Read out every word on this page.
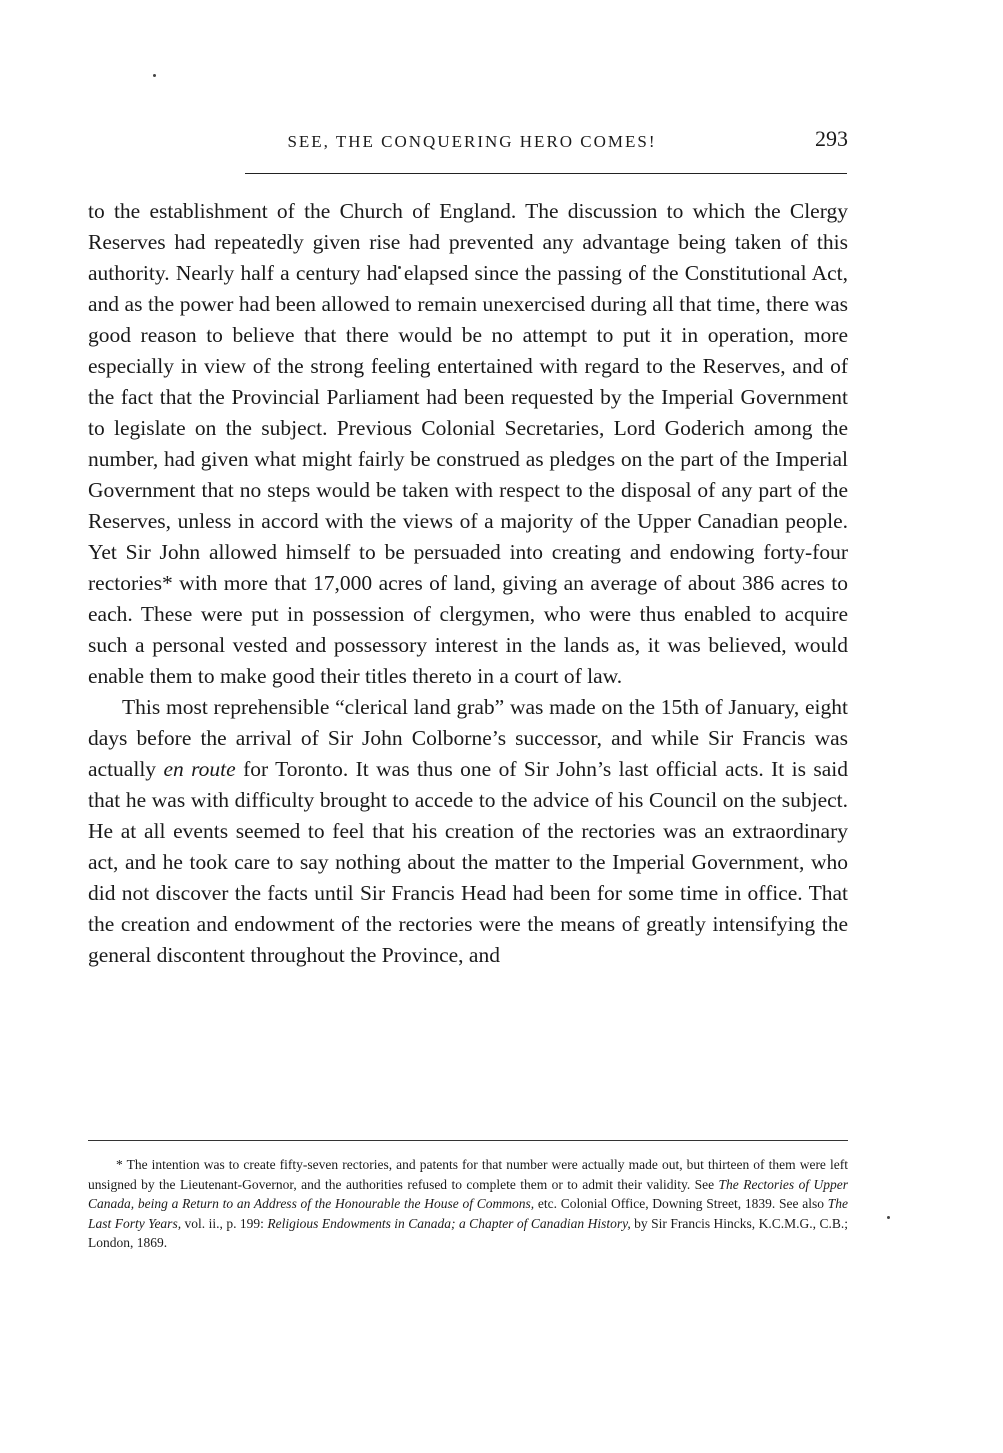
SEE, THE CONQUERING HERO COMES!	293

to the establishment of the Church of England. The discussion to which the Clergy Reserves had repeatedly given rise had prevented any advantage being taken of this authority. Nearly half a century had elapsed since the passing of the Constitutional Act, and as the power had been allowed to remain unexercised during all that time, there was good reason to believe that there would be no attempt to put it in operation, more especially in view of the strong feeling entertained with regard to the Reserves, and of the fact that the Provincial Parliament had been requested by the Imperial Government to legislate on the subject. Previous Colonial Secretaries, Lord Goderich among the number, had given what might fairly be construed as pledges on the part of the Imperial Government that no steps would be taken with respect to the disposal of any part of the Reserves, unless in accord with the views of a majority of the Upper Canadian people. Yet Sir John allowed himself to be persuaded into creating and endowing forty-four rectories* with more that 17,000 acres of land, giving an average of about 386 acres to each. These were put in possession of clergymen, who were thus enabled to acquire such a personal vested and possessory interest in the lands as, it was believed, would enable them to make good their titles thereto in a court of law.

This most reprehensible “clerical land grab” was made on the 15th of January, eight days before the arrival of Sir John Colborne’s successor, and while Sir Francis was actually en route for Toronto. It was thus one of Sir John’s last official acts. It is said that he was with difficulty brought to accede to the advice of his Council on the subject. He at all events seemed to feel that his creation of the rectories was an extraordinary act, and he took care to say nothing about the matter to the Imperial Government, who did not discover the facts until Sir Francis Head had been for some time in office. That the creation and endowment of the rectories were the means of greatly intensifying the general discontent throughout the Province, and

* The intention was to create fifty-seven rectories, and patents for that number were actually made out, but thirteen of them were left unsigned by the Lieutenant-Governor, and the authorities refused to complete them or to admit their validity. See The Rectories of Upper Canada, being a Return to an Address of the Honourable the House of Commons, etc. Colonial Office, Downing Street, 1839. See also The Last Forty Years, vol. ii., p. 199: Religious Endowments in Canada; a Chapter of Canadian History, by Sir Francis Hincks, K.C.M.G., C.B.; London, 1869.
